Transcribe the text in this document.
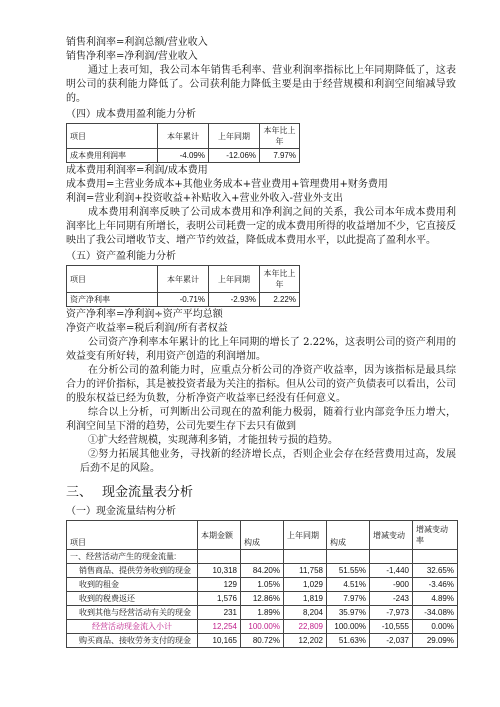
销售利润率=利润总额/营业收入
销售净利率=净利润/营业收入
通过上表可知，我公司本年销售毛利率、营业利润率指标比上年同期降低了，这表明公司的获利能力降低了。公司获利能力降低主要是由于经营规模和利润空间缩减导致的。
（四）成本费用盈利能力分析
项目	本年累计	上年同期	本年比上年
成本费用利润率	-4.09%	-12.06%	7.97%
成本费用利润率=利润/成本费用
成本费用=主营业务成本+其他业务成本+营业费用+管理费用+财务费用
利润=营业利润+投资收益+补贴收入+营业外收入-营业外支出
成本费用利润率反映了公司成本费用和净利润之间的关系，我公司本年成本费用利润率比上年同期有所增长，表明公司耗费一定的成本费用所得的收益增加不少，它直接反映出了我公司增收节支、增产节约效益，降低成本费用水平，以此提高了盈利水平。
（五）资产盈利能力分析
项目	本年累计	上年同期	本年比上年
资产净利率	-0.71%	-2.93%	2.22%
资产净利率=净利润÷资产平均总额
净资产收益率=税后利润/所有者权益
公司资产净利率本年累计的比上年同期的增长了 2.22%，这表明公司的资产利用的效益变有所好转，利用资产创造的利润增加。
在分析公司的盈利能力时，应重点分析公司的净资产收益率，因为该指标是最具综合力的评价指标，其是被投资者最为关注的指标。但从公司的资产负债表可以看出，公司的股东权益已经为负数，分析净资产收益率已经没有任何意义。
综合以上分析，可判断出公司现在的盈利能力极弱，随着行业内部竞争压力增大，利润空间呈下滑的趋势，公司先要生存下去只有做到
①扩大经营规模，实现薄利多销，才能扭转亏损的趋势。
②努力拓展其他业务，寻找新的经济增长点，否则企业会存在经营费用过高，发展后劲不足的风险。
三、 现金流量表分析
（一）现金流量结构分析
项目	本期金额	构成	上年同期	构成	增减变动	增减变动率
一、经营活动产生的现金流量:						
销售商品、提供劳务收到的现金	10,318	84.20%	11,758	51.55%	-1,440	32.65%
收到的租金	129	1.05%	1,029	4.51%	-900	-3.46%
收到的税费返还	1,576	12.86%	1,819	7.97%	-243	4.89%
收到其他与经营活动有关的现金	231	1.89%	8,204	35.97%	-7,973	-34.08%
经营活动现金流入小计	12,254	100.00%	22,809	100.00%	-10,555	0.00%
购买商品、接收劳务支付的现金	10,165	80.72%	12,202	51.63%	-2,037	29.09%
